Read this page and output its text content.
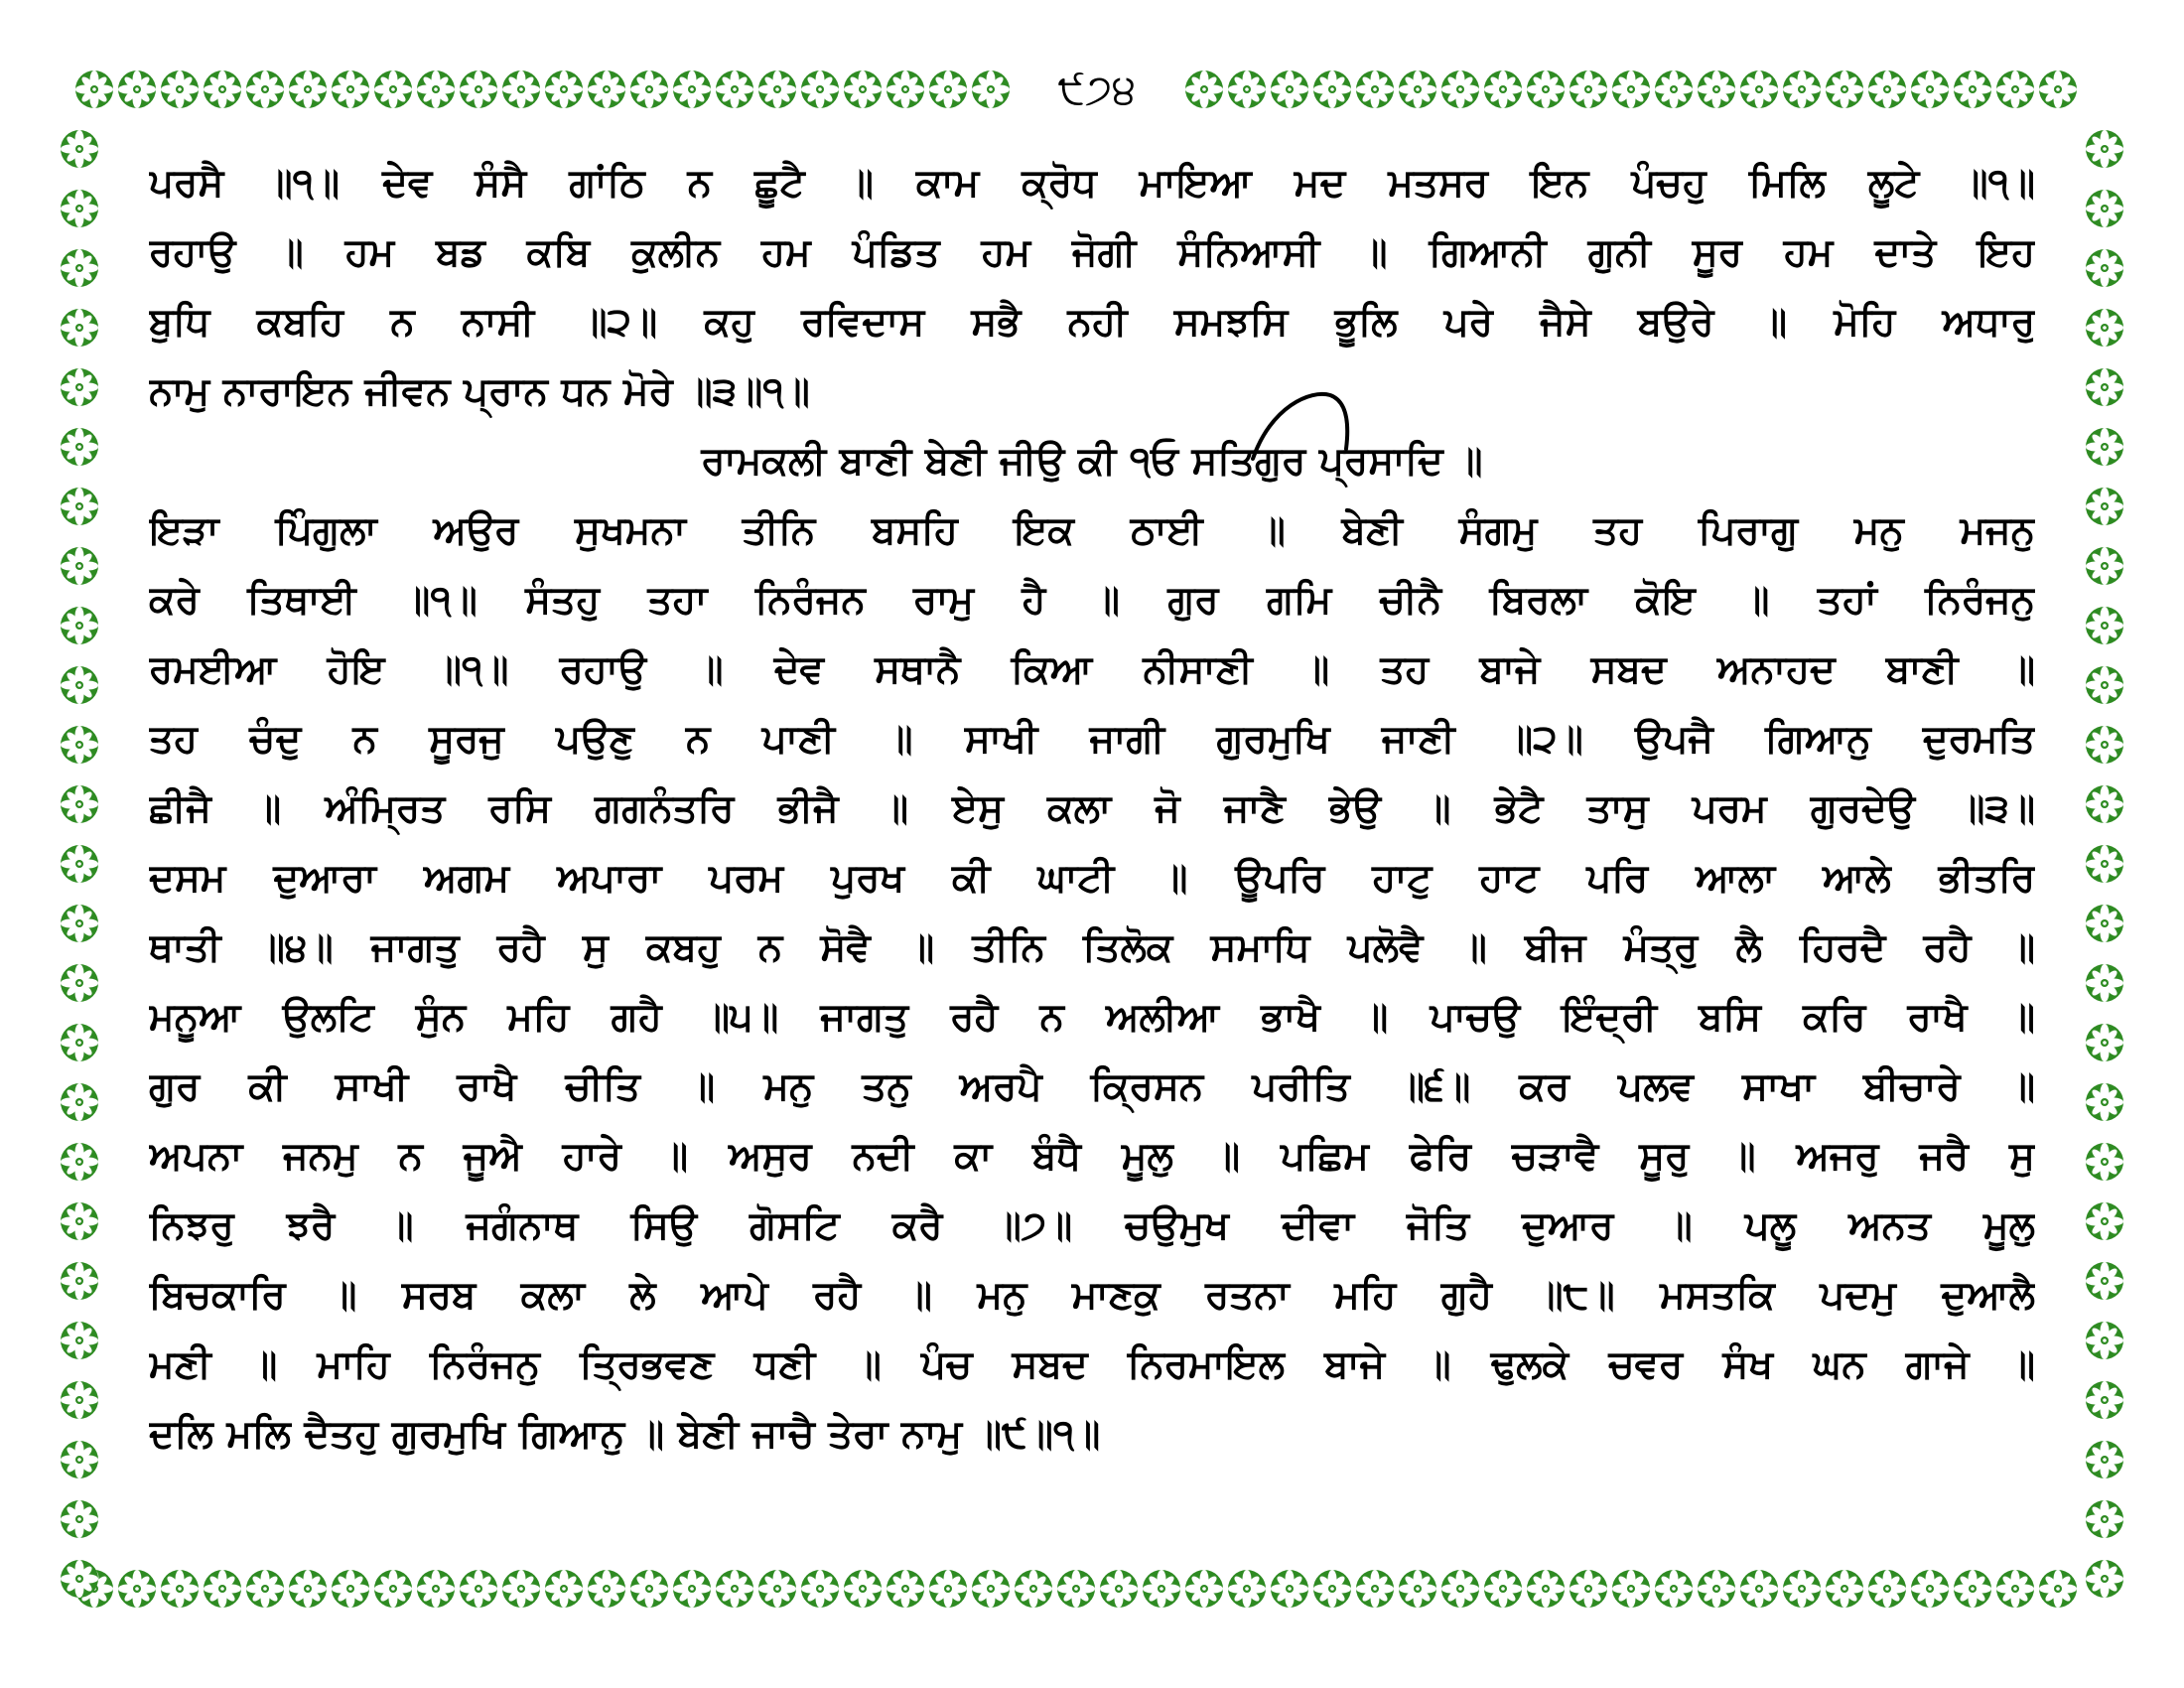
੯੭੪
ਪਰਸੈ ॥੧॥ ਦੇਵ ਸੰਸੈ ਗਾਂਠਿ ਨ ਛੂਟੈ ॥ ਕਾਮ ਕ੍ਰੋਧ ਮਾਇਆ ਮਦ ਮਤਸਰ ਇਨ ਪੰਚਹੁ ਮਿਲਿ ਲੂਟੇ ॥੧॥
ਰਹਾਉ ॥ ਹਮ ਬਡ ਕਬਿ ਕੁਲੀਨ ਹਮ ਪੰਡਿਤ ਹਮ ਜੋਗੀ ਸੰਨਿਆਸੀ ॥ ਗਿਆਨੀ ਗੁਨੀ ਸੂਰ ਹਮ ਦਾਤੇ ਇਹ
ਬੁਧਿ ਕਬਹਿ ਨ ਨਾਸੀ ॥੨॥ ਕਹੁ ਰਵਿਦਾਸ ਸਭੈ ਨਹੀ ਸਮਝਸਿ ਭੂਲਿ ਪਰੇ ਜੈਸੇ ਬਉਰੇ ॥ ਮੋਹਿ ਅਧਾਰੁ
ਨਾਮੁ ਨਾਰਾਇਨ ਜੀਵਨ ਪ੍ਰਾਨ ਧਨ ਮੋਰੇ ॥੩॥੧॥
ਰਾਮਕਲੀ ਬਾਣੀ ਬੇਣੀ ਜੀਉ ਕੀ ੧ਓ ਸਤਿਗੁਰ ਪ੍ਰਸਾਦਿ ॥
ਇੜਾ ਪਿੰਗੁਲਾ ਅਉਰ ਸੁਖਮਨਾ ਤੀਨਿ ਬਸਹਿ ਇਕ ਠਾਈ ॥ ਬੇਣੀ ਸੰਗਮੁ ਤਹ ਪਿਰਾਗੁ ਮਨੁ ਮਜਨੁ
ਕਰੇ ਤਿਥਾਈ ॥੧॥ ਸੰਤਹੁ ਤਹਾ ਨਿਰੰਜਨ ਰਾਮੁ ਹੈ ॥ ਗੁਰ ਗਮਿ ਚੀਨੈ ਬਿਰਲਾ ਕੋਇ ॥ ਤਹਾਂ ਨਿਰੰਜਨੁ
ਰਮਈਆ ਹੋਇ ॥੧॥ ਰਹਾਉ ॥ ਦੇਵ ਸਥਾਨੈ ਕਿਆ ਨੀਸਾਣੀ ॥ ਤਹ ਬਾਜੇ ਸਬਦ ਅਨਾਹਦ ਬਾਣੀ ॥
ਤਹ ਚੰਦੁ ਨ ਸੂਰਜੁ ਪਉਣੁ ਨ ਪਾਣੀ ॥ ਸਾਖੀ ਜਾਗੀ ਗੁਰਮੁਖਿ ਜਾਣੀ ॥੨॥ ਉਪਜੈ ਗਿਆਨੁ ਦੁਰਮਤਿ
ਛੀਜੈ ॥ ਅੰਮ੍ਰਿਤ ਰਸਿ ਗਗਨੰਤਰਿ ਭੀਜੈ ॥ ਏਸੁ ਕਲਾ ਜੋ ਜਾਣੈ ਭੇਉ ॥ ਭੇਟੈ ਤਾਸੁ ਪਰਮ ਗੁਰਦੇਉ ॥੩॥
ਦਸਮ ਦੁਆਰਾ ਅਗਮ ਅਪਾਰਾ ਪਰਮ ਪੁਰਖ ਕੀ ਘਾਟੀ ॥ ਊਪਰਿ ਹਾਟੁ ਹਾਟ ਪਰਿ ਆਲਾ ਆਲੇ ਭੀਤਰਿ
ਥਾਤੀ ॥੪॥ ਜਾਗਤੁ ਰਹੈ ਸੁ ਕਬਹੁ ਨ ਸੋਵੈ ॥ ਤੀਨਿ ਤਿਲੋਕ ਸਮਾਧਿ ਪਲੋਵੈ ॥ ਬੀਜ ਮੰਤ੍ਰੁ ਲੈ ਹਿਰਦੈ ਰਹੈ ॥
ਮਨੂਆ ਉਲਟਿ ਸੁੰਨ ਮਹਿ ਗਹੈ ॥੫॥ ਜਾਗਤੁ ਰਹੈ ਨ ਅਲੀਆ ਭਾਖੈ ॥ ਪਾਚਉ ਇੰਦ੍ਰੀ ਬਸਿ ਕਰਿ ਰਾਖੈ ॥
ਗੁਰ ਕੀ ਸਾਖੀ ਰਾਖੈ ਚੀਤਿ ॥ ਮਨੁ ਤਨੁ ਅਰਪੈ ਕ੍ਰਿਸਨ ਪਰੀਤਿ ॥੬॥ ਕਰ ਪਲਵ ਸਾਖਾ ਬੀਚਾਰੇ ॥
ਅਪਨਾ ਜਨਮੁ ਨ ਜੂਐ ਹਾਰੇ ॥ ਅਸੁਰ ਨਦੀ ਕਾ ਬੰਧੈ ਮੂਲੁ ॥ ਪਛਿਮ ਫੇਰਿ ਚੜਾਵੈ ਸੂਰੁ ॥ ਅਜਰੁ ਜਰੈ ਸੁ
ਨਿਝਰੁ ਝਰੈ ॥ ਜਗੰਨਾਥ ਸਿਉ ਗੋਸਟਿ ਕਰੈ ॥੭॥ ਚਉਮੁਖ ਦੀਵਾ ਜੋਤਿ ਦੁਆਰ ॥ ਪਲੂ ਅਨਤ ਮੂਲੁ
ਬਿਚਕਾਰਿ ॥ ਸਰਬ ਕਲਾ ਲੇ ਆਪੇ ਰਹੈ ॥ ਮਨੁ ਮਾਣਕੁ ਰਤਨਾ ਮਹਿ ਗੁਹੈ ॥੮॥ ਮਸਤਕਿ ਪਦਮੁ ਦੁਆਲੈ
ਮਣੀ ॥ ਮਾਹਿ ਨਿਰੰਜਨੁ ਤ੍ਰਿਭਵਣ ਧਣੀ ॥ ਪੰਚ ਸਬਦ ਨਿਰਮਾਇਲ ਬਾਜੇ ॥ ਢੁਲਕੇ ਚਵਰ ਸੰਖ ਘਨ ਗਾਜੇ ॥
ਦਲਿ ਮਲਿ ਦੈਤਹੁ ਗੁਰਮੁਖਿ ਗਿਆਨੁ ॥ ਬੇਣੀ ਜਾਚੈ ਤੇਰਾ ਨਾਮੁ ॥੯॥੧॥
